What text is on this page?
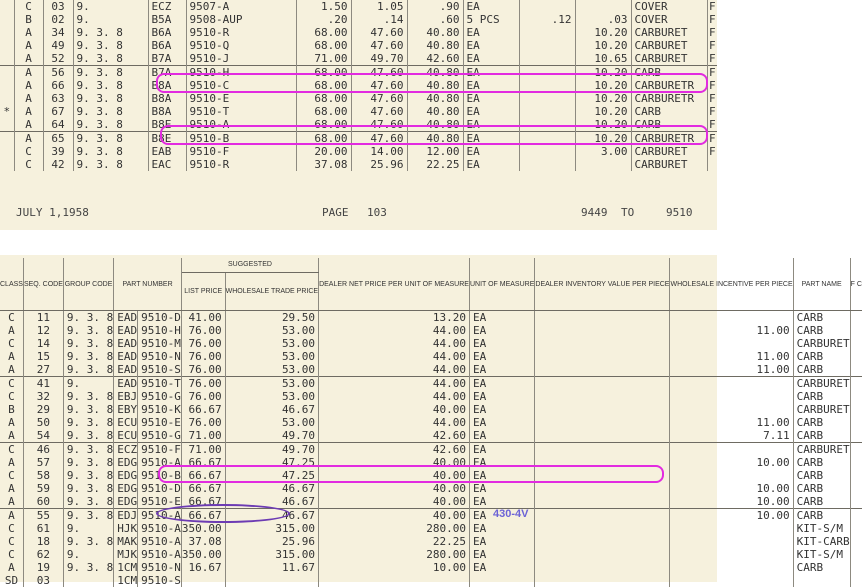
	C	03	9.	ECZ	9507-A	1.50	1.05	.90	EA			COVER	F
	B	02	9.	B5A	9508-AUP	.20	.14	.60	5 PCS	.12	.03	COVER	F
	A	34	9. 3. 8	B6A	9510-R	68.00	47.60	40.80	EA		10.20	CARBURET	F
	A	49	9. 3. 8	B6A	9510-Q	68.00	47.60	40.80	EA		10.20	CARBURET	F
	A	52	9. 3. 8	B7A	9510-J	71.00	49.70	42.60	EA		10.65	CARBURET	F
	A	56	9. 3. 8	B7A	9510-H	68.00	47.60	40.80	EA		10.20	CARB	F
	A	66	9. 3. 8	B8A	9510-C	68.00	47.60	40.80	EA		10.20	CARBURETR	F
	A	63	9. 3. 8	B8A	9510-E	68.00	47.60	40.80	EA		10.20	CARBURETR	F
*	A	67	9. 3. 8	B8A	9510-T	68.00	47.60	40.80	EA		10.20	CARB	F
	A	64	9. 3. 8	B8E	9510-A	68.00	47.60	40.80	EA		10.20	CARB	F
	A	65	9. 3. 8	B8E	9510-B	68.00	47.60	40.80	EA		10.20	CARBURETR	F
	C	39	9. 3. 8	EAB	9510-F	20.00	14.00	12.00	EA		3.00	CARBURET	F
	C	42	9. 3. 8	EAC	9510-R	37.08	25.96	22.25	EA			CARBURET	
JULY 1,1958	PAGE 103	9449 TO	9510
CLASS	SEQ. CODE	GROUP CODE	PART NUMBER		SUGGESTED		DEALER NET PRICE PER UNIT OF MEASURE	UNIT OF MEASURE	DEALER INVENTORY VALUE PER PIECE	WHOLESALE INCENTIVE PER PIECE	PART NAME	F C
					LIST PRICE	WHOLESALE TRADE PRICE						
C	11	9. 3. 8	EAD	9510-D	41.00	29.50	13.20	EA			CARB	
A	12	9. 3. 8	EAD	9510-H	76.00	53.00	44.00	EA		11.00	CARB	
C	14	9. 3. 8	EAD	9510-M	76.00	53.00	44.00	EA			CARBURET	
A	15	9. 3. 8	EAD	9510-N	76.00	53.00	44.00	EA		11.00	CARB	
A	27	9. 3. 8	EAD	9510-S	76.00	53.00	44.00	EA		11.00	CARB	
C	41	9.	EAD	9510-T	76.00	53.00	44.00	EA			CARBURET	
C	32	9. 3. 8	EBJ	9510-G	76.00	53.00	44.00	EA			CARB	
B	29	9. 3. 8	EBY	9510-K	66.67	46.67	40.00	EA			CARBURET	
A	50	9. 3. 8	ECU	9510-E	76.00	53.00	44.00	EA		11.00	CARB	
A	54	9. 3. 8	ECU	9510-G	71.00	49.70	42.60	EA		7.11	CARB	
C	46	9. 3. 8	ECZ	9510-F	71.00	49.70	42.60	EA			CARBURET	
A	57	9. 3. 8	EDG	9510-A	66.67	47.25	40.00	EA		10.00	CARB	
C	58	9. 3. 8	EDG	9510-B	66.67	47.25	40.00	EA			CARB	
A	59	9. 3. 8	EDG	9510-D	66.67	46.67	40.00	EA		10.00	CARB	
A	60	9. 3. 8	EDG	9510-E	66.67	46.67	40.00	EA		10.00	CARB	
A	55	9. 3. 8	EDJ	9510-A	66.67	46.67	40.00	EA		10.00	CARB	
C	61	9.	HJK	9510-A	350.00	315.00	280.00	EA			KIT-S/M	
C	18	9. 3. 8	MAK	9510-A	37.08	25.96	22.25	EA			KIT-CARB	
C	62	9.	MJK	9510-A	350.00	315.00	280.00	EA			KIT-S/M	
A	19	9. 3. 8	1CM	9510-N	16.67	11.67	10.00	EA			CARB	
SD	03		1CM	9510-S								
430-4V
